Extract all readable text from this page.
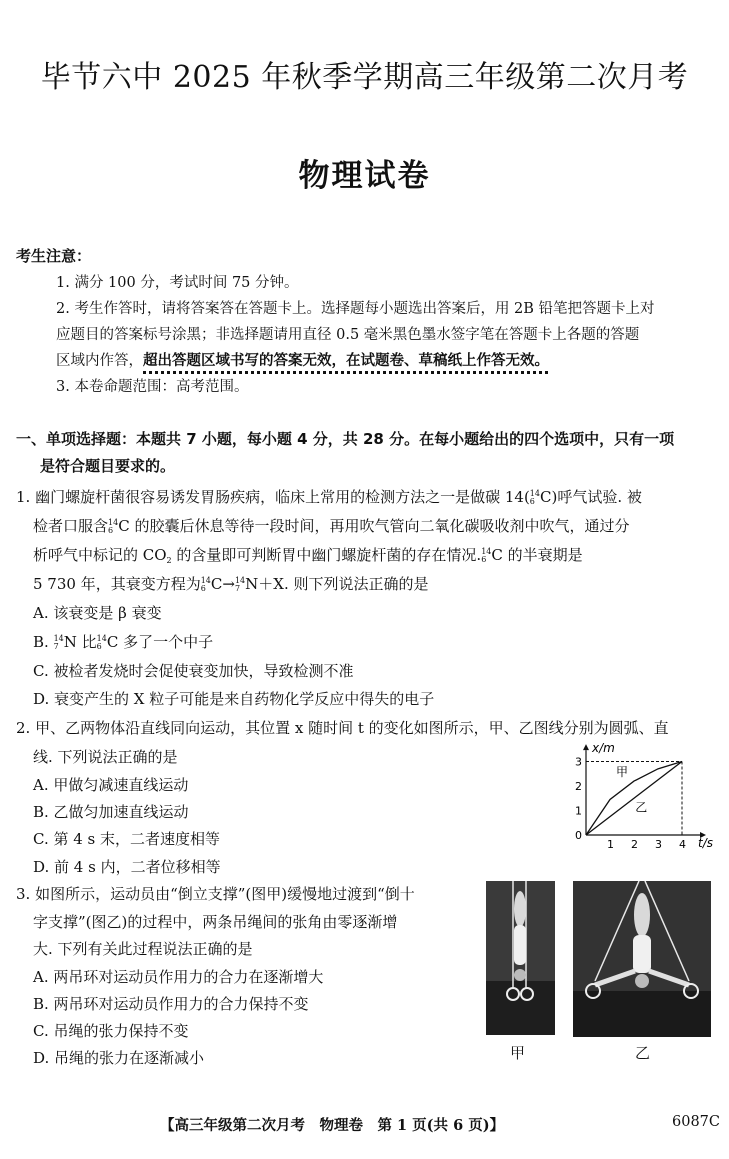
毕节六中 2025 年秋季学期高三年级第二次月考
物理试卷
考生注意：
1. 满分 100 分，考试时间 75 分钟。
2. 考生作答时，请将答案答在答题卡上。选择题每小题选出答案后，用 2B 铅笔把答题卡上对
应题目的答案标号涂黑；非选择题请用直径 0.5 毫米黑色墨水签字笔在答题卡上各题的答题
区域内作答，超出答题区域书写的答案无效，在试题卷、草稿纸上作答无效。
3. 本卷命题范围：高考范围。
一、单项选择题：本题共 7 小题，每小题 4 分，共 28 分。在每小题给出的四个选项中，只有一项
是符合题目要求的。
1. 幽门螺旋杆菌很容易诱发胃肠疾病，临床上常用的检测方法之一是做碳 14( 14
6 C)呼气试验. 被
检者口服含 14
6 C 的胶囊后休息等待一段时间，再用吹气管向二氧化碳吸收剂中吹气，通过分
析呼气中标记的 $CO_2$ 的含量即可判断胃中幽门螺旋杆菌的存在情况. 14
6 C 的半衰期是
5 730 年，其衰变方程为 14
6 C→ 14
7 N＋X. 则下列说法正确的是
A. 该衰变是 β 衰变
B. 14
7 N 比 14
6 C 多了一个中子
C. 被检者发烧时会促使衰变加快，导致检测不准
D. 衰变产生的 X 粒子可能是来自药物化学反应中得失的电子
2. 甲、乙两物体沿直线同向运动，其位置 x 随时间 t 的变化如图所示，甲、乙图线分别为圆弧、直
线. 下列说法正确的是
A. 甲做匀减速直线运动
B. 乙做匀加速直线运动
C. 第 4 s 末，二者速度相等
D. 前 4 s 内，二者位移相等
t/s
x/m
1 2 3 4
0
1
2
3
甲
乙
3. 如图所示，运动员由“倒立支撑”(图甲)缓慢地过渡到“倒十
字支撑”(图乙)的过程中，两条吊绳间的张角由零逐渐增
大. 下列有关此过程说法正确的是
A. 两吊环对运动员作用力的合力在逐渐增大
B. 两吊环对运动员作用力的合力保持不变
C. 吊绳的张力保持不变
D. 吊绳的张力在逐渐减小	甲	乙
【高三年级第二次月考　物理卷　第 1 页(共 6 页)】	6087C
